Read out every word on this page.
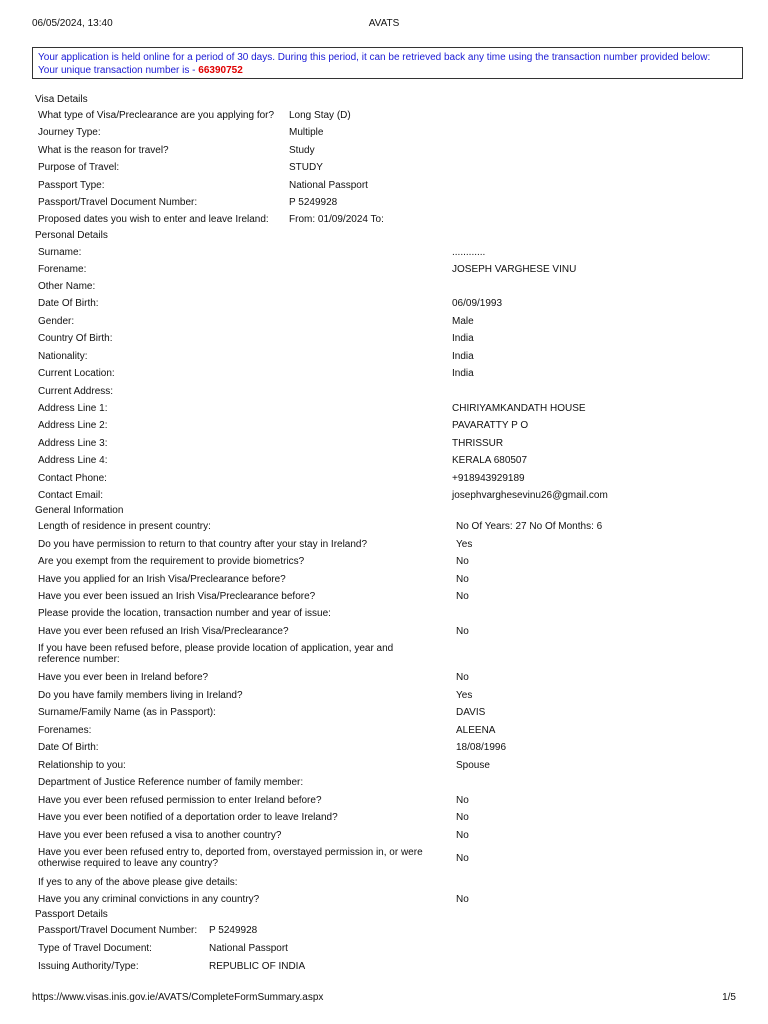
06/05/2024, 13:40	AVATS

Your application is held online for a period of 30 days. During this period, it can be retrieved back any time using the transaction number provided below:

Your unique transaction number is - 66390752

Visa Details
What type of Visa/Preclearance are you applying for? Long Stay (D)
Journey Type:	Multiple
What is the reason for travel?	Study
Purpose of Travel:	STUDY
Passport Type:	National Passport
Passport/Travel Document Number:	P 5249928
Proposed dates you wish to enter and leave Ireland: From: 01/09/2024 To:
Personal Details
Surname:	............
Forename:	JOSEPH VARGHESE VINU
Other Name:
Date Of Birth:	06/09/1993
Gender:	Male
Country Of Birth:	India
Nationality:	India
Current Location:	India
Current Address:
Address Line 1:	CHIRIYAMKANDATH HOUSE
Address Line 2:	PAVARATTY P O
Address Line 3:	THRISSUR
Address Line 4:	KERALA 680507
Contact Phone:	+918943929189
Contact Email:	josephvarghesevinu26@gmail.com
General Information
Length of residence in present country:	No Of Years: 27 No Of Months: 6
Do you have permission to return to that country after your stay in Ireland?	Yes
Are you exempt from the requirement to provide biometrics?	No
Have you applied for an Irish Visa/Preclearance before?	No
Have you ever been issued an Irish Visa/Preclearance before?	No
Please provide the location, transaction number and year of issue:
Have you ever been refused an Irish Visa/Preclearance?	No
If you have been refused before, please provide location of application, year and reference number:
Have you ever been in Ireland before?	No
Do you have family members living in Ireland?	Yes
Surname/Family Name (as in Passport):	DAVIS
Forenames:	ALEENA
Date Of Birth:	18/08/1996
Relationship to you:	Spouse
Department of Justice Reference number of family member:
Have you ever been refused permission to enter Ireland before?	No
Have you ever been notified of a deportation order to leave Ireland?	No
Have you ever been refused a visa to another country?	No
Have you ever been refused entry to, deported from, overstayed permission in, or were otherwise required to leave any country?	No
If yes to any of the above please give details:
Have you any criminal convictions in any country?	No
Passport Details
Passport/Travel Document Number: P 5249928
Type of Travel Document:	National Passport
Issuing Authority/Type:	REPUBLIC OF INDIA
https://www.visas.inis.gov.ie/AVATS/CompleteFormSummary.aspx	1/5
